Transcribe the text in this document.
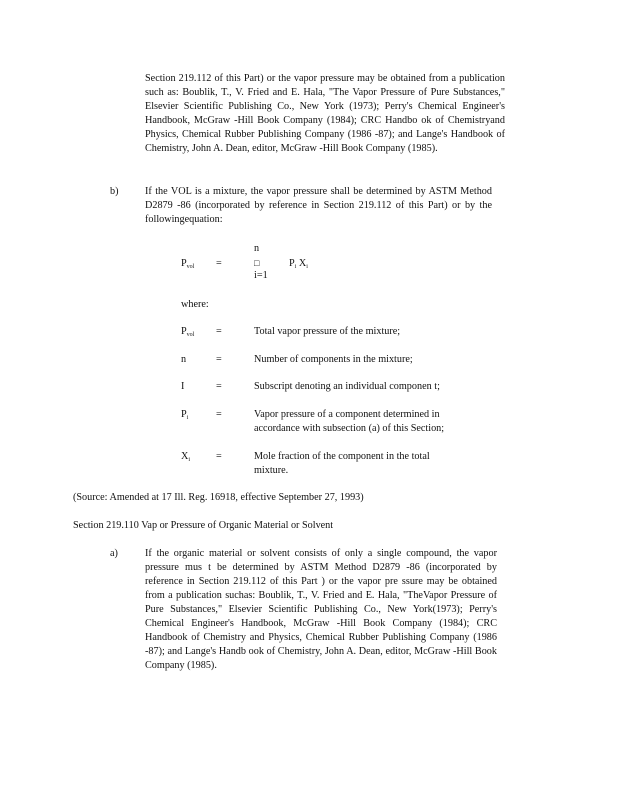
Section 219.112 of this Part) or the vapor pressure may be obtained from a publication such as: Boublik, T., V. Fried and E. Hala, "The Vapor Pressure of Pure Substances," Elsevier Scientific Publishing Co., New York (1973); Perry's Chemical Engineer's Handbook, McGraw -Hill Book Company (1984); CRC Handbo ok of Chemistryand Physics, Chemical Rubber Publishing Company (1986 -87); and Lange's Handbook of Chemistry, John A. Dean, editor, McGraw -Hill Book Company (1985).
b)	If the VOL is a mixture, the vapor pressure shall be determined by ASTM Method D2879 -86 (incorporated by reference in Section 219.112 of this Part) or by the followingequation:
$P_{vol}$ =
n
□
i=1
$P_i$ $X_i$
where:
$P_{vol}$ =	Total vapor pressure of the mixture;
n	=	Number of components in the mixture;
I	=	Subscript denoting an individual componen t;
$P_i$	=	Vapor pressure of a component determined in
accordance with subsection (a) of this Section;
$X_i$	=	Mole fraction of the component in the total
mixture.
(Source: Amended at 17 Ill. Reg. 16918, effective September 27, 1993)
Section 219.110 Vap or Pressure of Organic Material or Solvent
a)	If the organic material or solvent consists of only a single compound, the vapor pressure mus t be determined by ASTM Method D2879 -86 (incorporated by reference in Section 219.112 of this Part ) or the vapor pre ssure may be obtained from a publication suchas: Boublik, T., V. Fried and E. Hala, "TheVapor Pressure of Pure Substances," Elsevier Scientific Publishing Co., New York(1973); Perry's Chemical Engineer's Handbook, McGraw -Hill Book Company (1984); CRC Handbook of Chemistry and Physics, Chemical Rubber Publishing Company (1986 -87); and Lange's Handb ook of Chemistry, John A. Dean, editor, McGraw -Hill Book Company (1985).
